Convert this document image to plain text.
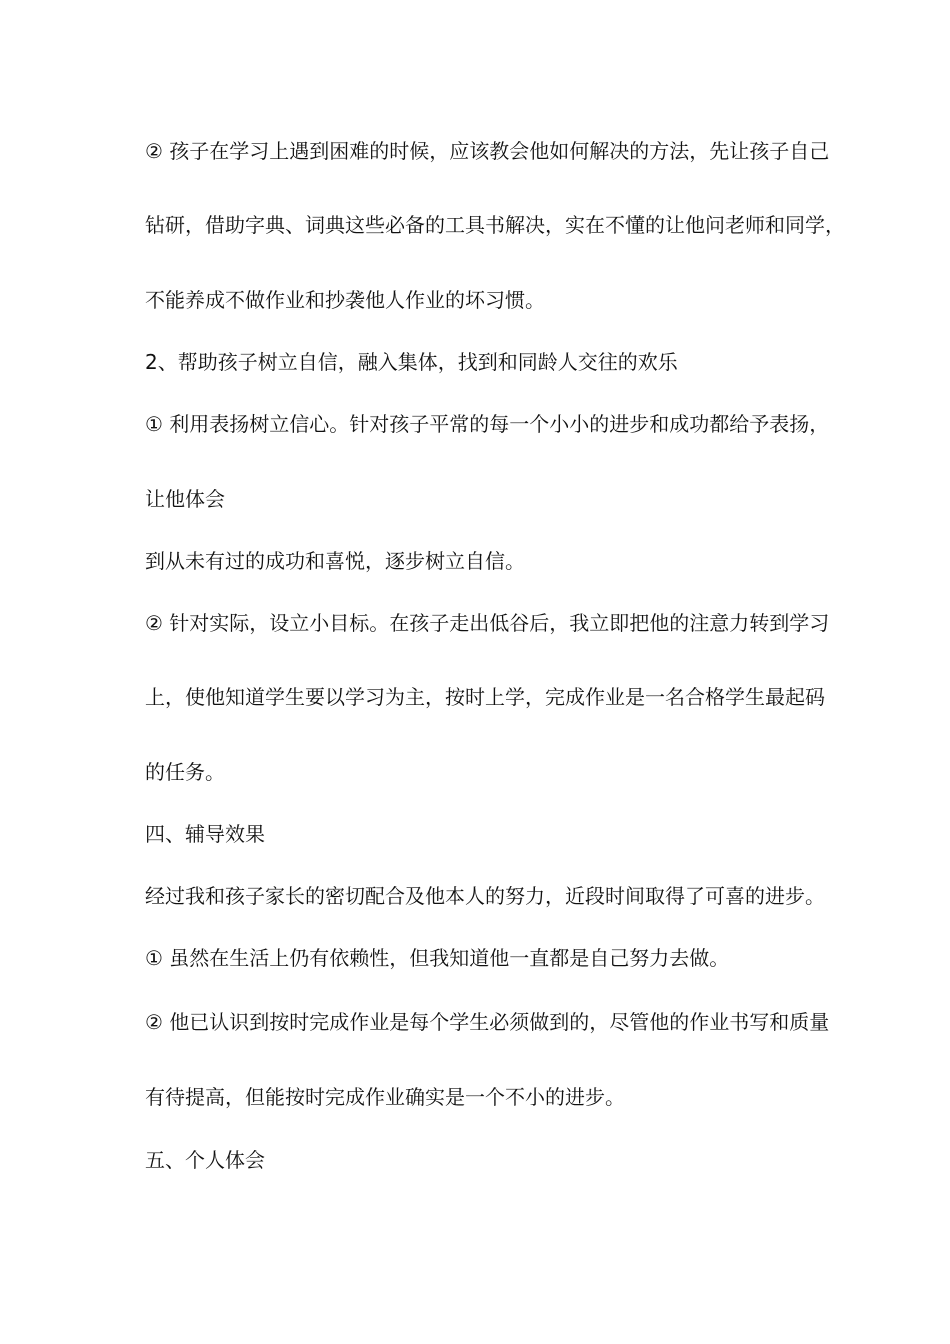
② 孩子在学习上遇到困难的时候，应该教会他如何解决的方法，先让孩子自己
钻研，借助字典、词典这些必备的工具书解决，实在不懂的让他问老师和同学，
不能养成不做作业和抄袭他人作业的坏习惯。
2、帮助孩子树立自信，融入集体，找到和同龄人交往的欢乐
① 利用表扬树立信心。针对孩子平常的每一个小小的进步和成功都给予表扬，
让他体会
到从未有过的成功和喜悦，逐步树立自信。
② 针对实际，设立小目标。在孩子走出低谷后，我立即把他的注意力转到学习
上，使他知道学生要以学习为主，按时上学，完成作业是一名合格学生最起码
的任务。
四、辅导效果
经过我和孩子家长的密切配合及他本人的努力，近段时间取得了可喜的进步。
① 虽然在生活上仍有依赖性，但我知道他一直都是自己努力去做。
② 他已认识到按时完成作业是每个学生必须做到的，尽管他的作业书写和质量
有待提高，但能按时完成作业确实是一个不小的进步。
五、个人体会
